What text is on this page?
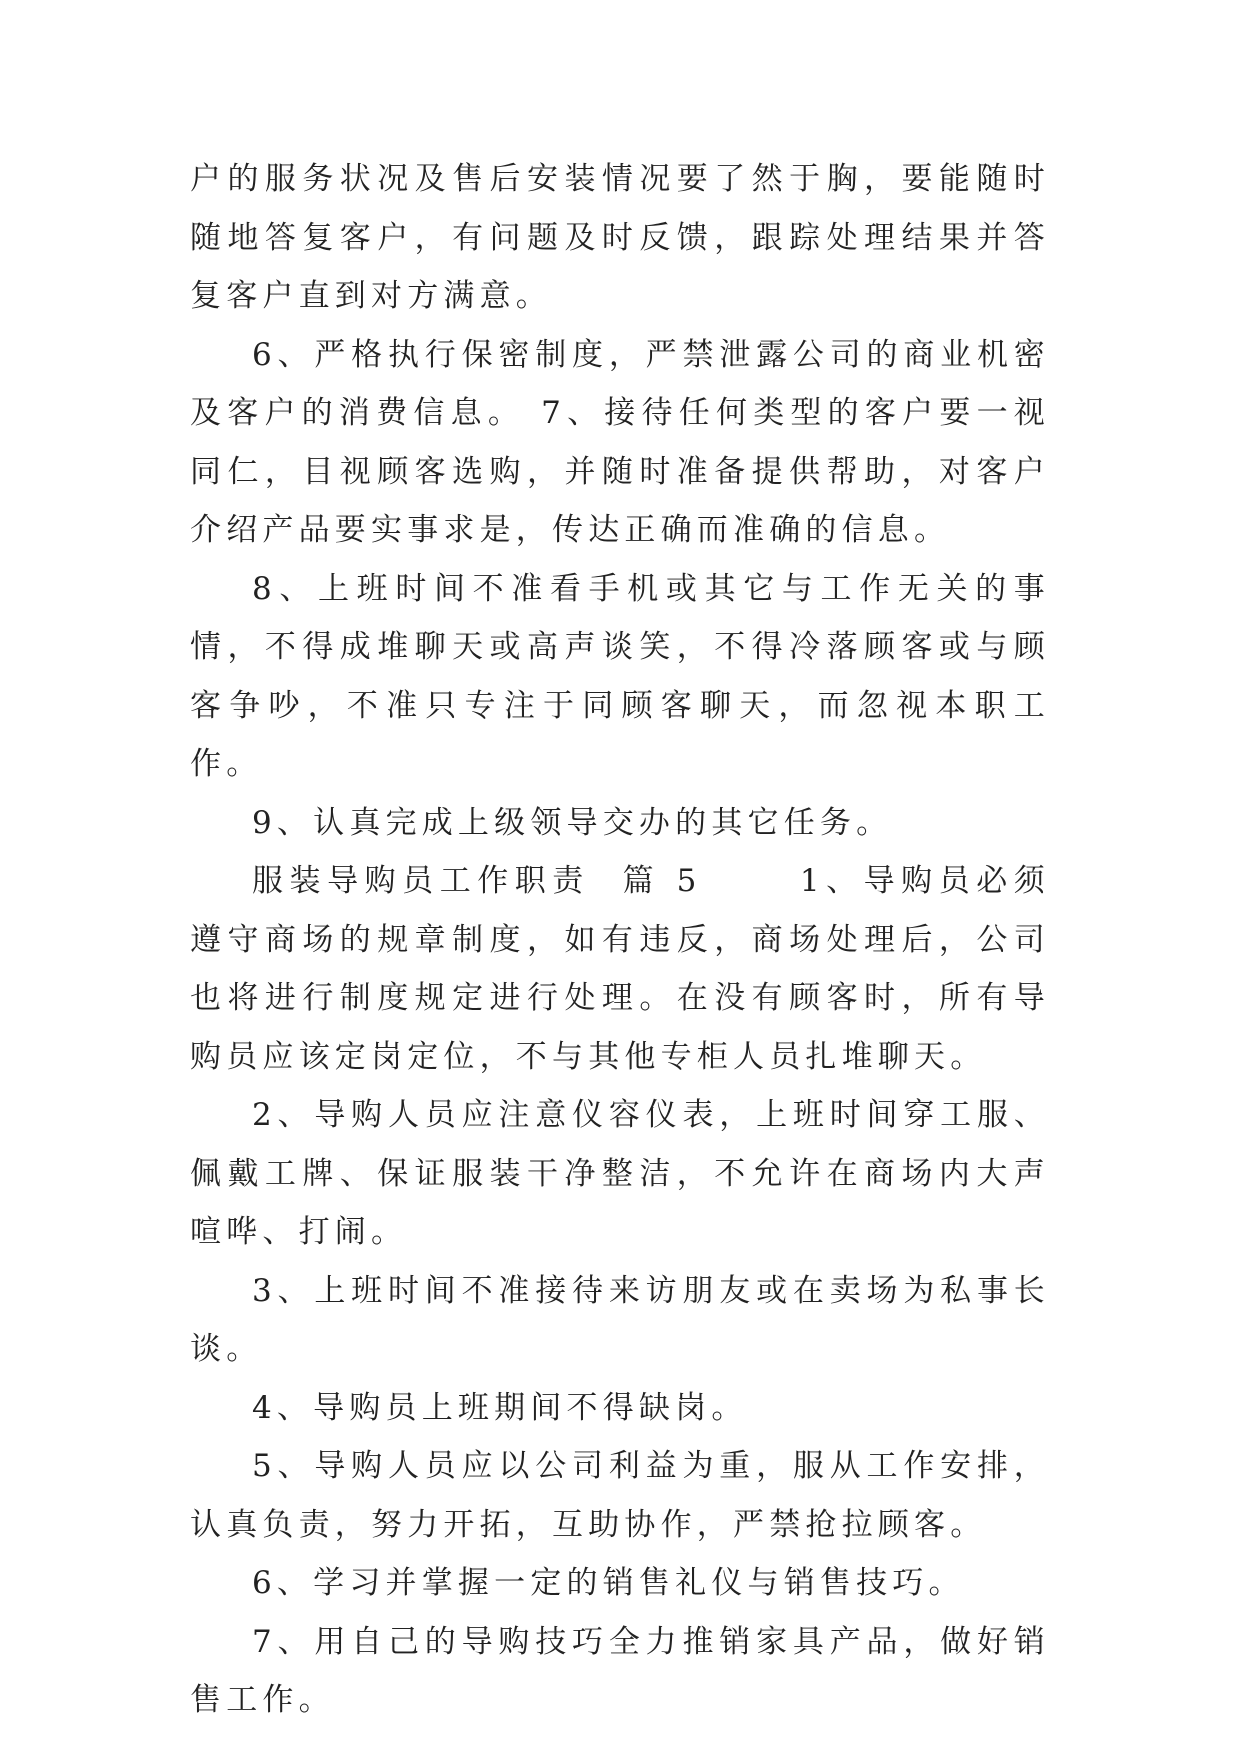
户的服务状况及售后安装情况要了然于胸，要能随时随地答复客户，有问题及时反馈，跟踪处理结果并答复客户直到对方满意。

6、严格执行保密制度，严禁泄露公司的商业机密及客户的消费信息。 7、接待任何类型的客户要一视同仁，目视顾客选购，并随时准备提供帮助，对客户介绍产品要实事求是，传达正确而准确的信息。

8、上班时间不准看手机或其它与工作无关的事情，不得成堆聊天或高声谈笑，不得冷落顾客或与顾客争吵，不准只专注于同顾客聊天，而忽视本职工作。

9、认真完成上级领导交办的其它任务。

服装导购员工作职责  篇 5      1、导购员必须遵守商场的规章制度，如有违反，商场处理后，公司也将进行制度规定进行处理。在没有顾客时，所有导购员应该定岗定位，不与其他专柜人员扎堆聊天。

2、导购人员应注意仪容仪表，上班时间穿工服、佩戴工牌、保证服装干净整洁，不允许在商场内大声喧哗、打闹。

3、上班时间不准接待来访朋友或在卖场为私事长谈。

4、导购员上班期间不得缺岗。

5、导购人员应以公司利益为重，服从工作安排，认真负责，努力开拓，互助协作，严禁抢拉顾客。

6、学习并掌握一定的销售礼仪与销售技巧。

7、用自己的导购技巧全力推销家具产品，做好销售工作。
